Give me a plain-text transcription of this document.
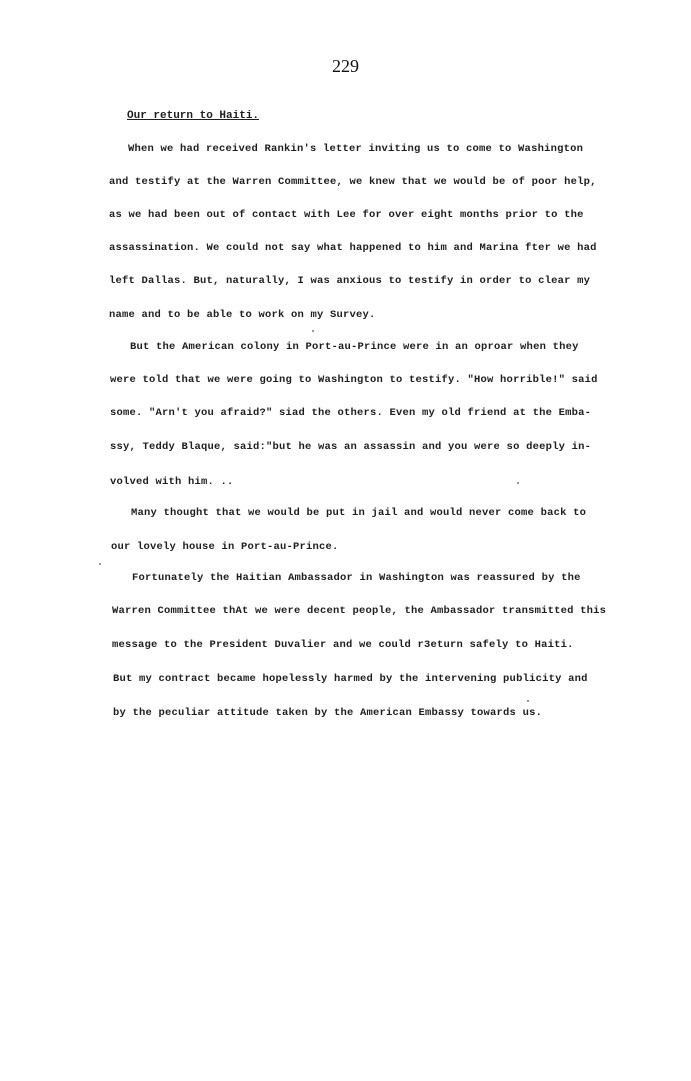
229
Our return to Haiti.
When we had received Rankin's letter inviting us to come to Washington
and testify at the Warren Committee, we knew that we would be of poor help,
as we had been out of contact with Lee for over eight months prior to the
assassination. We could not say what happened to him and Marina fter we had
left Dallas. But, naturally, I was anxious to testify in order to clear my
name and to be able to work on my Survey.
But the American colony in Port-au-Prince were in an oproar when they
were told that we were going to Washington to testify. "How horrible!" said
some. "Arn't you afraid?" siad the others. Even my old friend at the Emba-
ssy, Teddy Blaque, said:"but he was an assassin and you were so deeply in-
volved with him. ..
Many thought that we would be put in jail and would never come back to
our lovely house in Port-au-Prince.
Fortunately the Haitian Ambassador in Washington was reassured by the
Warren Committee thAt we were decent people, the Ambassador transmitted this
message to the President Duvalier and we could r3eturn safely to Haiti.
But my contract became hopelessly harmed by the intervening publicity and
by the peculiar attitude taken by the American Embassy towards us.
